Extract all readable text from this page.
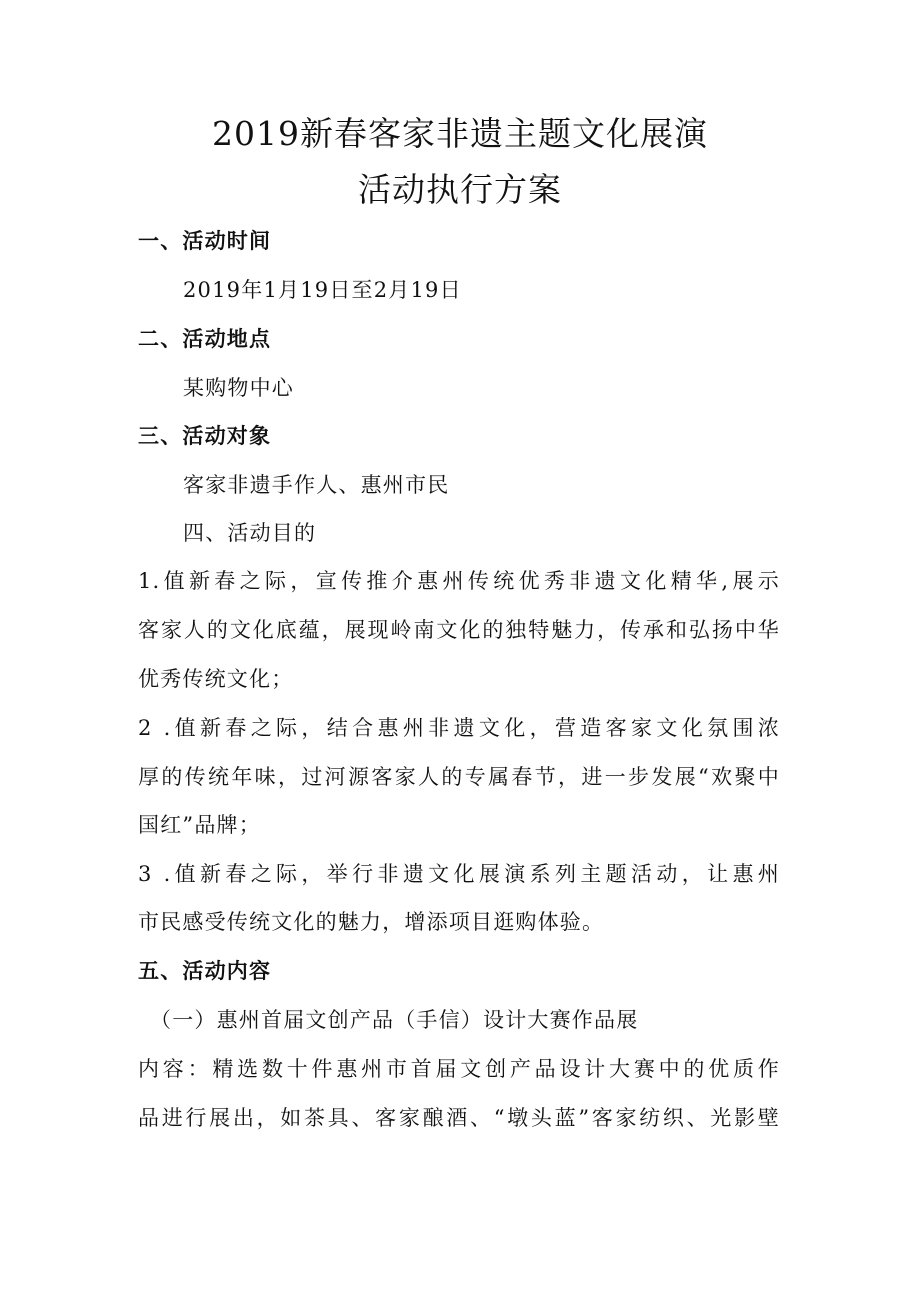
2019新春客家非遗主题文化展演
活动执行方案
一、活动时间
2019年1月19日至2月19日
二、活动地点
某购物中心
三、活动对象
客家非遗手作人、惠州市民
四、活动目的
1.值新春之际，宣传推介惠州传统优秀非遗文化精华,展示
客家人的文化底蕴，展现岭南文化的独特魅力，传承和弘扬中华
优秀传统文化；
2 .值新春之际，结合惠州非遗文化，营造客家文化氛围浓
厚的传统年味，过河源客家人的专属春节，进一步发展“欢聚中
国红”品牌；
3 .值新春之际，举行非遗文化展演系列主题活动，让惠州
市民感受传统文化的魅力，增添项目逛购体验。
五、活动内容
（一）惠州首届文创产品（手信）设计大赛作品展
内容：精选数十件惠州市首届文创产品设计大赛中的优质作
品进行展出，如茶具、客家酿酒、“墩头蓝”客家纺织、光影壁
